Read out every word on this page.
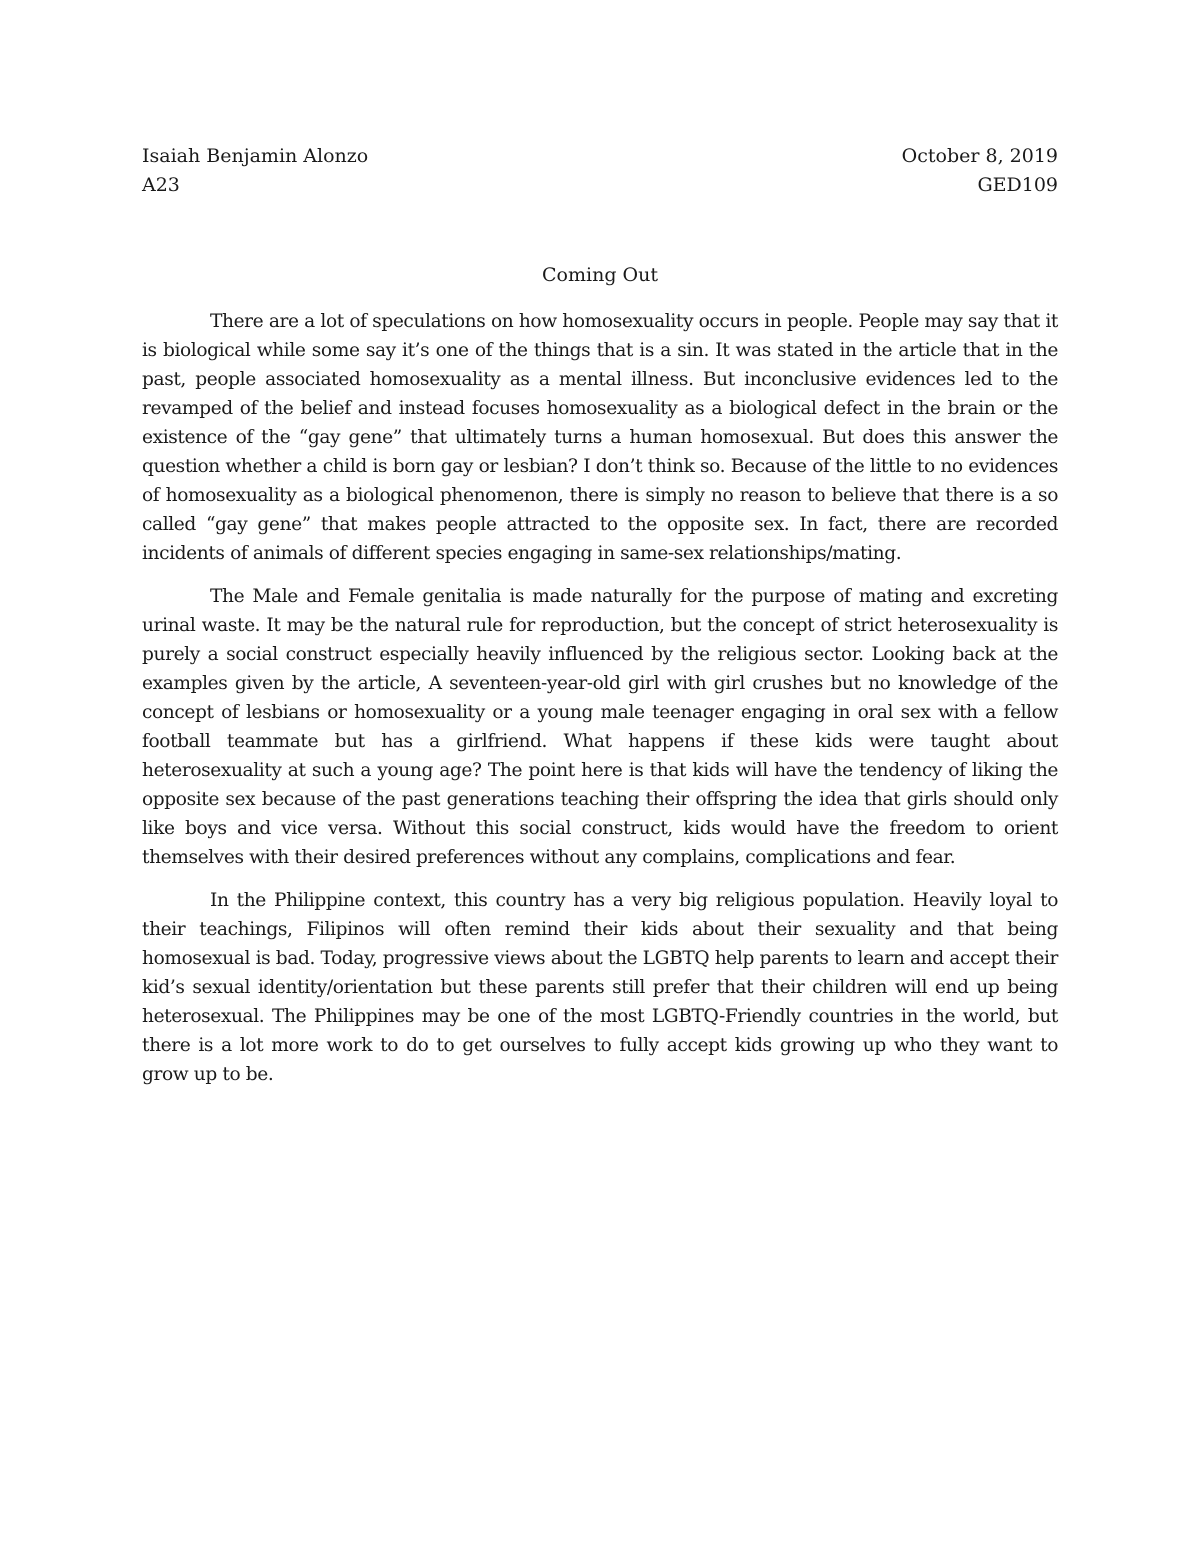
Isaiah Benjamin Alonzo	October 8, 2019
A23	GED109
Coming Out

There are a lot of speculations on how homosexuality occurs in people. People may say that it is biological while some say it’s one of the things that is a sin. It was stated in the article that in the past, people associated homosexuality as a mental illness. But inconclusive evidences led to the revamped of the belief and instead focuses homosexuality as a biological defect in the brain or the existence of the “gay gene” that ultimately turns a human homosexual. But does this answer the question whether a child is born gay or lesbian? I don’t think so. Because of the little to no evidences of homosexuality as a biological phenomenon, there is simply no reason to believe that there is a so called “gay gene” that makes people attracted to the opposite sex. In fact, there are recorded incidents of animals of different species engaging in same-sex relationships/mating.

The Male and Female genitalia is made naturally for the purpose of mating and excreting urinal waste. It may be the natural rule for reproduction, but the concept of strict heterosexuality is purely a social construct especially heavily influenced by the religious sector. Looking back at the examples given by the article, A seventeen-year-old girl with girl crushes but no knowledge of the concept of lesbians or homosexuality or a young male teenager engaging in oral sex with a fellow football teammate but has a girlfriend. What happens if these kids were taught about heterosexuality at such a young age? The point here is that kids will have the tendency of liking the opposite sex because of the past generations teaching their offspring the idea that girls should only like boys and vice versa. Without this social construct, kids would have the freedom to orient themselves with their desired preferences without any complains, complications and fear.

In the Philippine context, this country has a very big religious population. Heavily loyal to their teachings, Filipinos will often remind their kids about their sexuality and that being homosexual is bad. Today, progressive views about the LGBTQ help parents to learn and accept their kid’s sexual identity/orientation but these parents still prefer that their children will end up being heterosexual. The Philippines may be one of the most LGBTQ-Friendly countries in the world, but there is a lot more work to do to get ourselves to fully accept kids growing up who they want to grow up to be.
